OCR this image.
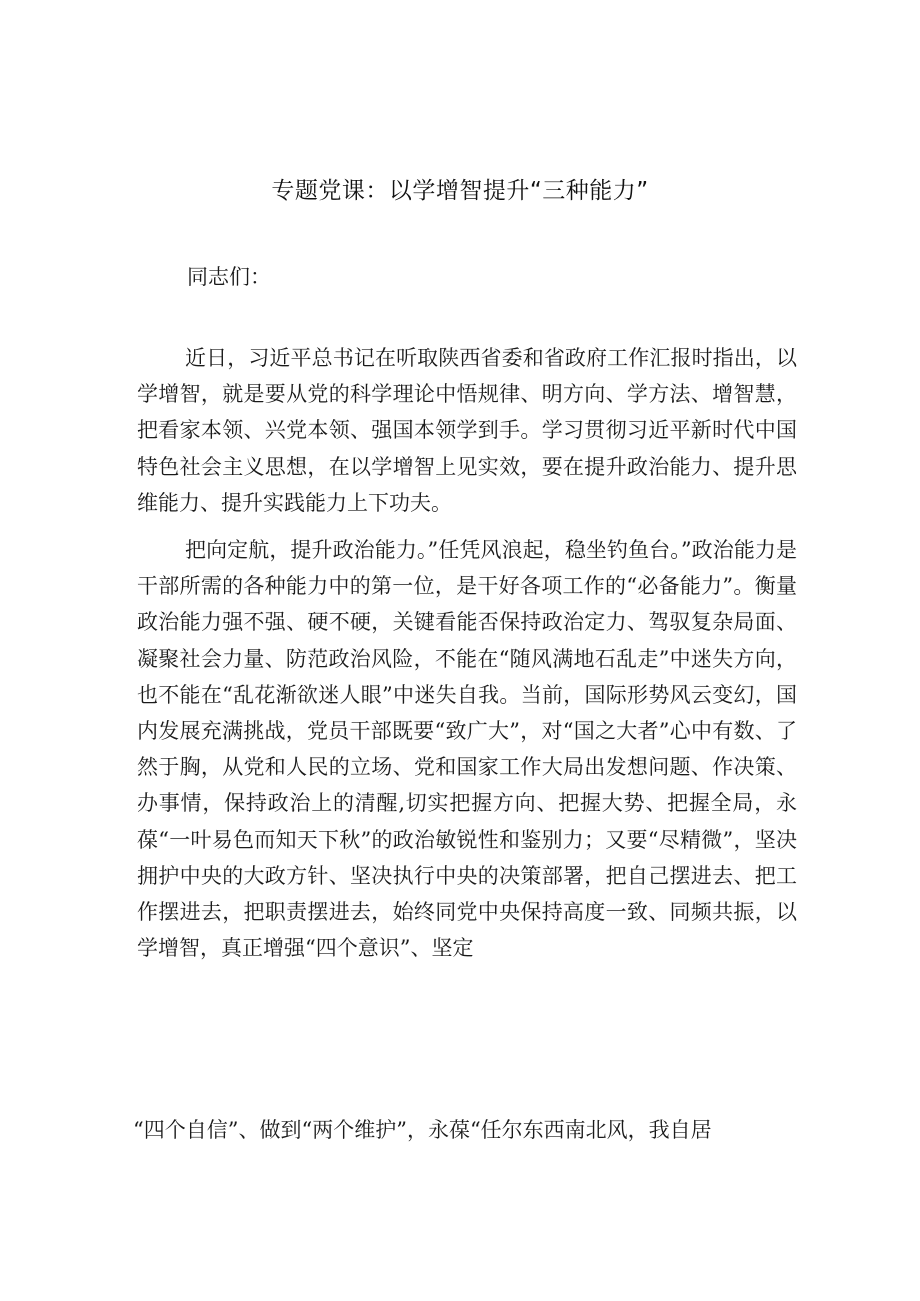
专题党课：以学增智提升“三种能力”
同志们：

近日，习近平总书记在听取陕西省委和省政府工作汇报时指出，以学增智，就是要从党的科学理论中悟规律、明方向、学方法、增智慧，把看家本领、兴党本领、强国本领学到手。学习贯彻习近平新时代中国特色社会主义思想，在以学增智上见实效，要在提升政治能力、提升思维能力、提升实践能力上下功夫。

把向定航，提升政治能力。”任凭风浪起，稳坐钓鱼台。”政治能力是干部所需的各种能力中的第一位，是干好各项工作的“必备能力”。衡量政治能力强不强、硬不硬，关键看能否保持政治定力、驾驭复杂局面、凝聚社会力量、防范政治风险，不能在“随风满地石乱走”中迷失方向，也不能在“乱花渐欲迷人眼”中迷失自我。当前，国际形势风云变幻，国内发展充满挑战，党员干部既要“致广大”，对“国之大者”心中有数、了然于胸，从党和人民的立场、党和国家工作大局出发想问题、作决策、办事情，保持政治上的清醒,切实把握方向、把握大势、把握全局，永葆“一叶易色而知天下秋”的政治敏锐性和鉴别力；又要“尽精微”，坚决拥护中央的大政方针、坚决执行中央的决策部署，把自己摆进去、把工作摆进去，把职责摆进去，始终同党中央保持高度一致、同频共振，以学增智，真正增强“四个意识”、坚定

“四个自信”、做到“两个维护”，永葆“任尔东西南北风，我自居
